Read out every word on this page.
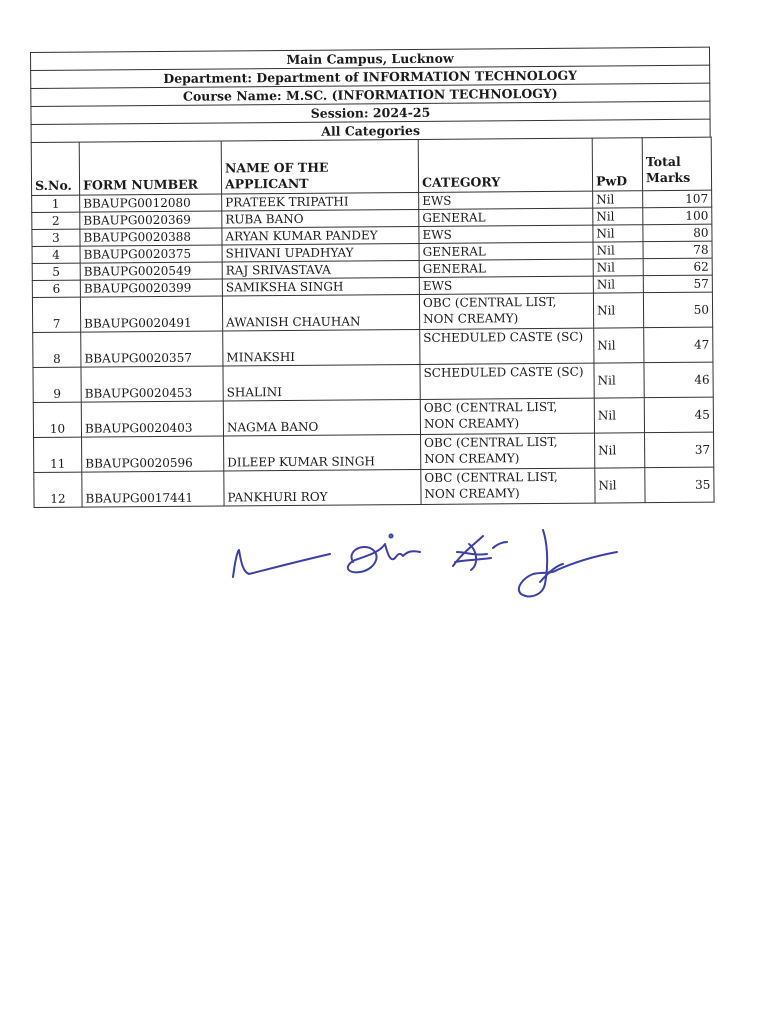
Main Campus, Lucknow
Department: Department of INFORMATION TECHNOLOGY
Course Name: M.SC. (INFORMATION TECHNOLOGY)
Session: 2024-25
All Categories
S.No.	FORM NUMBER	NAME OF THE APPLICANT	CATEGORY	PwD	Total Marks
1	BBAUPG0012080	PRATEEK TRIPATHI	EWS	Nil	107
2	BBAUPG0020369	RUBA BANO	GENERAL	Nil	100
3	BBAUPG0020388	ARYAN KUMAR PANDEY	EWS	Nil	80
4	BBAUPG0020375	SHIVANI UPADHYAY	GENERAL	Nil	78
5	BBAUPG0020549	RAJ SRIVASTAVA	GENERAL	Nil	62
6	BBAUPG0020399	SAMIKSHA SINGH	EWS	Nil	57
7	BBAUPG0020491	AWANISH CHAUHAN	OBC (CENTRAL LIST, NON CREAMY)	Nil	50
8	BBAUPG0020357	MINAKSHI	SCHEDULED CASTE (SC)	Nil	47
9	BBAUPG0020453	SHALINI	SCHEDULED CASTE (SC)	Nil	46
10	BBAUPG0020403	NAGMA BANO	OBC (CENTRAL LIST, NON CREAMY)	Nil	45
11	BBAUPG0020596	DILEEP KUMAR SINGH	OBC (CENTRAL LIST, NON CREAMY)	Nil	37
12	BBAUPG0017441	PANKHURI ROY	OBC (CENTRAL LIST, NON CREAMY)	Nil	35
